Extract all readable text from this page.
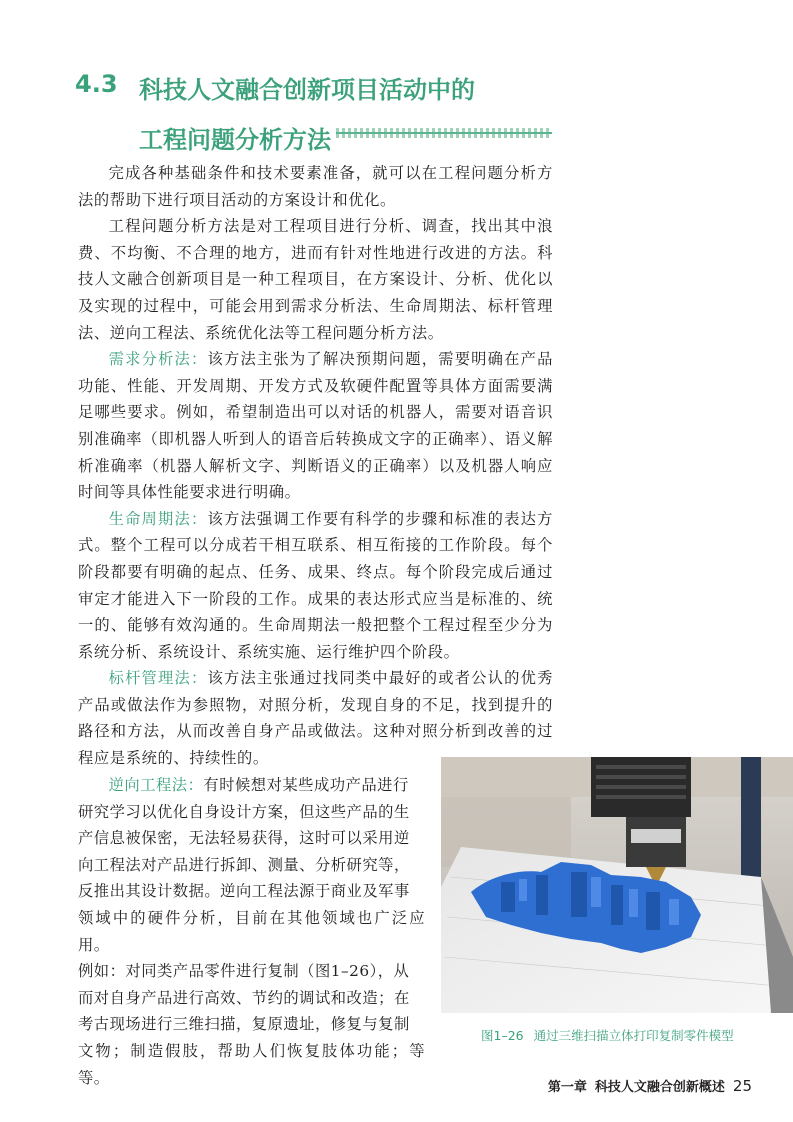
4.3 科技人文融合创新项目活动中的
工程问题分析方法

完成各种基础条件和技术要素准备，就可以在工程问题分析方法的帮助下进行项目活动的方案设计和优化。

工程问题分析方法是对工程项目进行分析、调查，找出其中浪费、不均衡、不合理的地方，进而有针对性地进行改进的方法。科技人文融合创新项目是一种工程项目，在方案设计、分析、优化以及实现的过程中，可能会用到需求分析法、生命周期法、标杆管理法、逆向工程法、系统优化法等工程问题分析方法。

需求分析法：该方法主张为了解决预期问题，需要明确在产品功能、性能、开发周期、开发方式及软硬件配置等具体方面需要满足哪些要求。例如，希望制造出可以对话的机器人，需要对语音识别准确率（即机器人听到人的语音后转换成文字的正确率）、语义解析准确率（机器人解析文字、判断语义的正确率）以及机器人响应时间等具体性能要求进行明确。

生命周期法：该方法强调工作要有科学的步骤和标准的表达方式。整个工程可以分成若干相互联系、相互衔接的工作阶段。每个阶段都要有明确的起点、任务、成果、终点。每个阶段完成后通过审定才能进入下一阶段的工作。成果的表达形式应当是标准的、统一的、能够有效沟通的。生命周期法一般把整个工程过程至少分为系统分析、系统设计、系统实施、运行维护四个阶段。

标杆管理法：该方法主张通过找同类中最好的或者公认的优秀产品或做法作为参照物，对照分析，发现自身的不足，找到提升的路径和方法，从而改善自身产品或做法。这种对照分析到改善的过程应是系统的、持续性的。

逆向工程法：有时候想对某些成功产品进行
研究学习以优化自身设计方案，但这些产品的生
产信息被保密，无法轻易获得，这时可以采用逆
向工程法对产品进行拆卸、测量、分析研究等，
反推出其设计数据。逆向工程法源于商业及军事
领域中的硬件分析，目前在其他领域也广泛应用。
例如：对同类产品零件进行复制（图1–26），从
而对自身产品进行高效、节约的调试和改造；在
考古现场进行三维扫描，复原遗址，修复与复制
文物；制造假肢，帮助人们恢复肢体功能；等等。
图1–26 通过三维扫描立体打印复制零件模型
第一章 科技人文融合创新概述 25
